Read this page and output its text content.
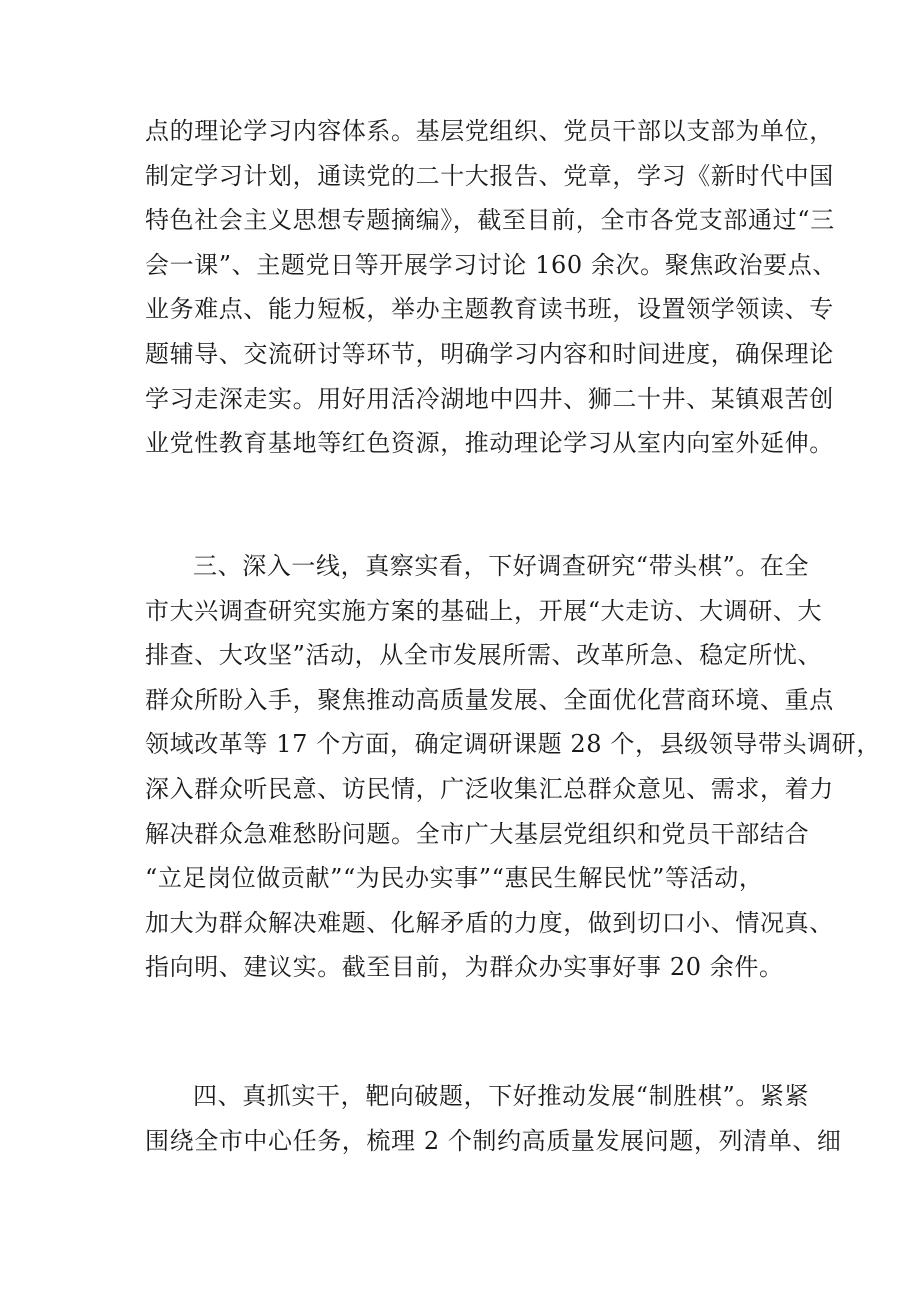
点的理论学习内容体系。基层党组织、党员干部以支部为单位，
制定学习计划，通读党的二十大报告、党章，学习《新时代中国
特色社会主义思想专题摘编》，截至目前，全市各党支部通过“三
会一课”、主题党日等开展学习讨论 160 余次。聚焦政治要点、
业务难点、能力短板，举办主题教育读书班，设置领学领读、专
题辅导、交流研讨等环节，明确学习内容和时间进度，确保理论
学习走深走实。用好用活冷湖地中四井、狮二十井、某镇艰苦创
业党性教育基地等红色资源，推动理论学习从室内向室外延伸。
三、深入一线，真察实看，下好调查研究“带头棋”。在全
市大兴调查研究实施方案的基础上，开展“大走访、大调研、大
排查、大攻坚”活动，从全市发展所需、改革所急、稳定所忧、
群众所盼入手，聚焦推动高质量发展、全面优化营商环境、重点
领域改革等 17 个方面，确定调研课题 28 个，县级领导带头调研，
深入群众听民意、访民情，广泛收集汇总群众意见、需求，着力
解决群众急难愁盼问题。全市广大基层党组织和党员干部结合
“立足岗位做贡献”“为民办实事”“惠民生解民忧”等活动，
加大为群众解决难题、化解矛盾的力度，做到切口小、情况真、
指向明、建议实。截至目前，为群众办实事好事 20 余件。
四、真抓实干，靶向破题，下好推动发展“制胜棋”。紧紧
围绕全市中心任务，梳理 2 个制约高质量发展问题，列清单、细
